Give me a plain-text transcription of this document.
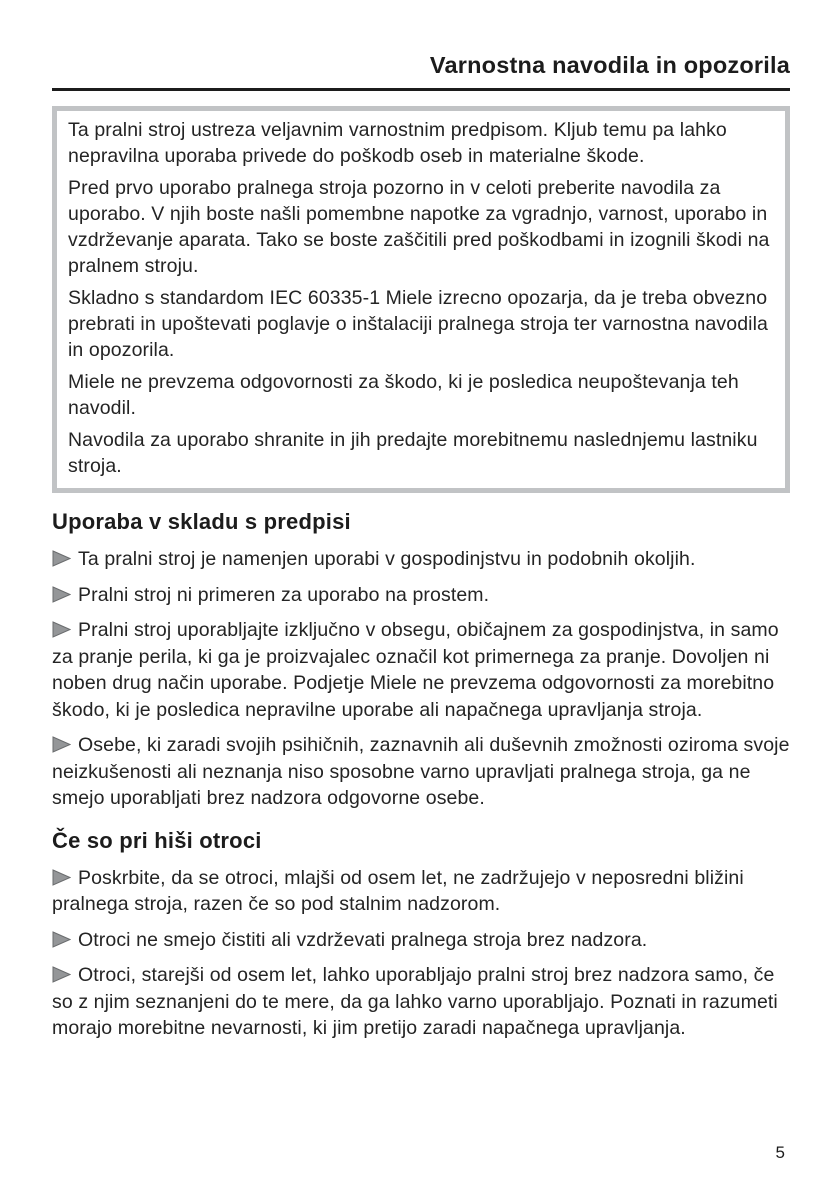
Varnostna navodila in opozorila

Ta pralni stroj ustreza veljavnim varnostnim predpisom. Kljub temu pa lahko nepravilna uporaba privede do poškodb oseb in materialne škode.

Pred prvo uporabo pralnega stroja pozorno in v celoti preberite navodila za uporabo. V njih boste našli pomembne napotke za vgradnjo, varnost, uporabo in vzdrževanje aparata. Tako se boste zaščitili pred poškodbami in izognili škodi na pralnem stroju.

Skladno s standardom IEC 60335-1 Miele izrecno opozarja, da je treba obvezno prebrati in upoštevati poglavje o inštalaciji pralnega stroja ter varnostna navodila in opozorila.

Miele ne prevzema odgovornosti za škodo, ki je posledica neupoštevanja teh navodil.

Navodila za uporabo shranite in jih predajte morebitnemu naslednjemu lastniku stroja.

Uporaba v skladu s predpisi

Ta pralni stroj je namenjen uporabi v gospodinjstvu in podobnih okoljih.

Pralni stroj ni primeren za uporabo na prostem.

Pralni stroj uporabljajte izključno v obsegu, običajnem za gospodinjstva, in samo za pranje perila, ki ga je proizvajalec označil kot primernega za pranje. Dovoljen ni noben drug način uporabe. Podjetje Miele ne prevzema odgovornosti za morebitno škodo, ki je posledica nepravilne uporabe ali napačnega upravljanja stroja.

Osebe, ki zaradi svojih psihičnih, zaznavnih ali duševnih zmožnosti oziroma svoje neizkušenosti ali neznanja niso sposobne varno upravljati pralnega stroja, ga ne smejo uporabljati brez nadzora odgovorne osebe.

Če so pri hiši otroci

Poskrbite, da se otroci, mlajši od osem let, ne zadržujejo v neposredni bližini pralnega stroja, razen če so pod stalnim nadzorom.

Otroci ne smejo čistiti ali vzdrževati pralnega stroja brez nadzora.

Otroci, starejši od osem let, lahko uporabljajo pralni stroj brez nadzora samo, če so z njim seznanjeni do te mere, da ga lahko varno uporabljajo. Poznati in razumeti morajo morebitne nevarnosti, ki jim pretijo zaradi napačnega upravljanja.

5
